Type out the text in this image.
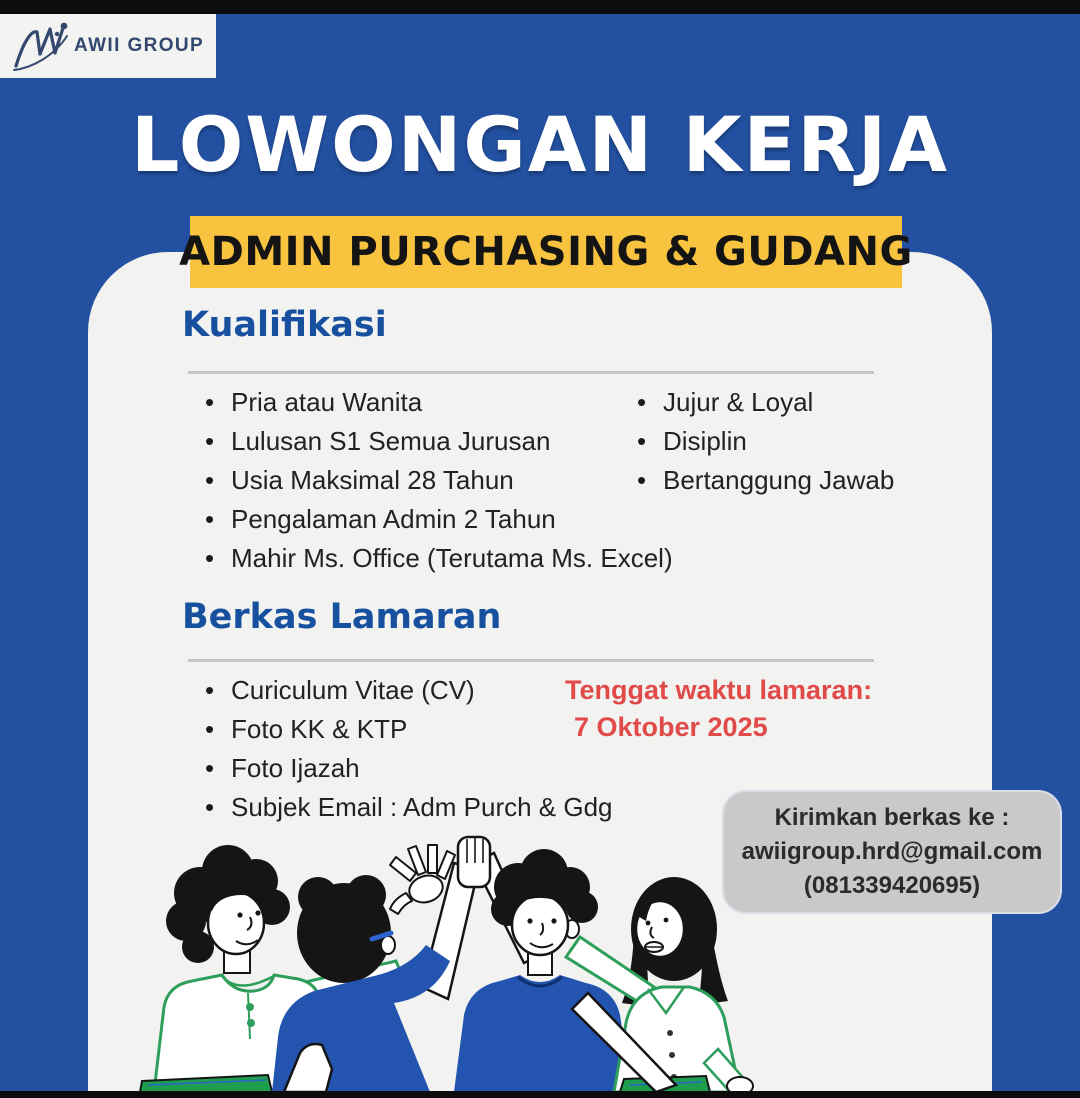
AWII GROUP
LOWONGAN KERJA
ADMIN PURCHASING & GUDANG
Kualifikasi
• Pria atau Wanita
• Lulusan S1 Semua Jurusan
• Usia Maksimal 28 Tahun
• Pengalaman Admin 2 Tahun
• Mahir Ms. Office (Terutama Ms. Excel)
• Jujur & Loyal
• Disiplin
• Bertanggung Jawab
Berkas Lamaran
• Curiculum Vitae (CV)
• Foto KK & KTP
• Foto Ijazah
• Subjek Email : Adm Purch & Gdg
Tenggat waktu lamaran:
7 Oktober 2025
Kirimkan berkas ke :
awiigroup.hrd@gmail.com
(081339420695)
